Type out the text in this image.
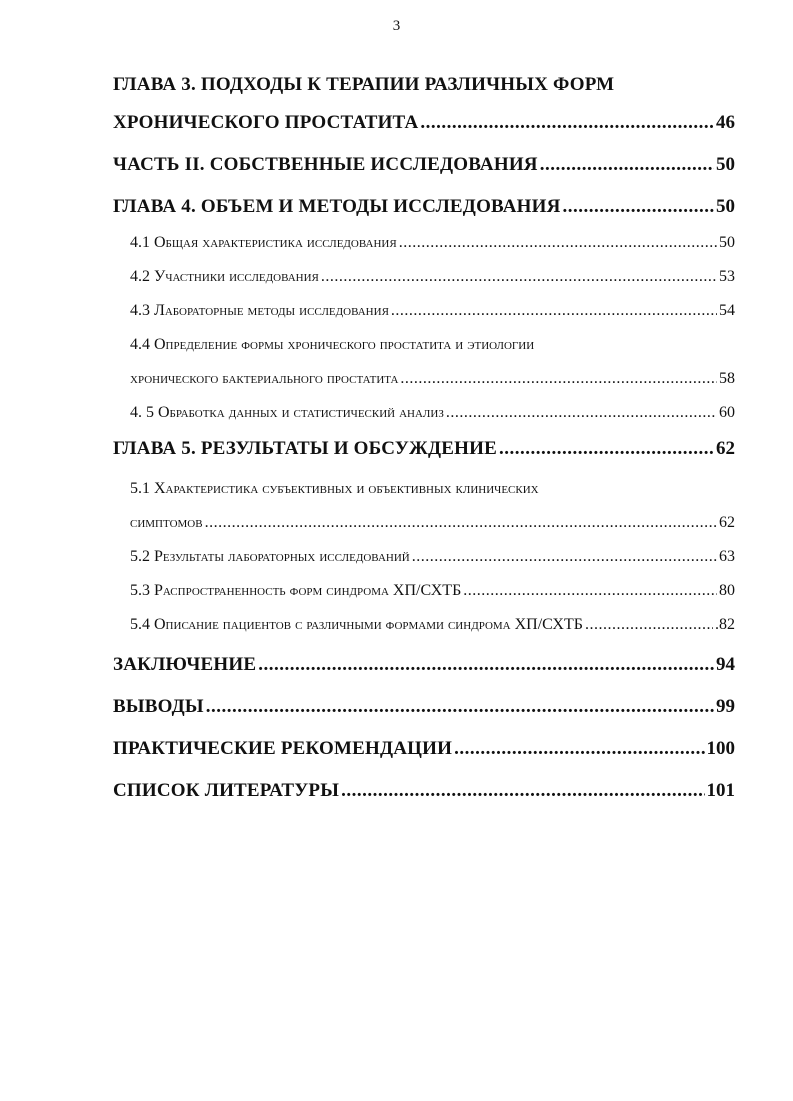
3
ГЛАВА 3. ПОДХОДЫ К ТЕРАПИИ РАЗЛИЧНЫХ ФОРМ
ХРОНИЧЕСКОГО ПРОСТАТИТА .....	46
ЧАСТЬ II. СОБСТВЕННЫЕ ИССЛЕДОВАНИЯ .....	50
ГЛАВА 4. ОБЪЕМ И МЕТОДЫ ИССЛЕДОВАНИЯ .....	50
4.1 Общая характеристика исследования .....	50
4.2 Участники исследования .....	53
4.3 Лабораторные методы исследования .....	54
4.4 Определение формы хронического простатита и этиологии
хронического бактериального простатита .....	58
4. 5 Обработка данных и статистический анализ .....	60
ГЛАВА 5. РЕЗУЛЬТАТЫ И ОБСУЖДЕНИЕ .....	62
5.1 Характеристика субъективных и объективных клинических
симптомов .....	62
5.2 Результаты лабораторных исследований .....	63
5.3 Распространенность форм синдрома ХП/СХТБ .....	80
5.4 Описание пациентов с различными формами синдрома ХП/СХТБ .....	.82
ЗАКЛЮЧЕНИЕ .....	94
ВЫВОДЫ .....	99
ПРАКТИЧЕСКИЕ РЕКОМЕНДАЦИИ .....	100
СПИСОК ЛИТЕРАТУРЫ .....	101
